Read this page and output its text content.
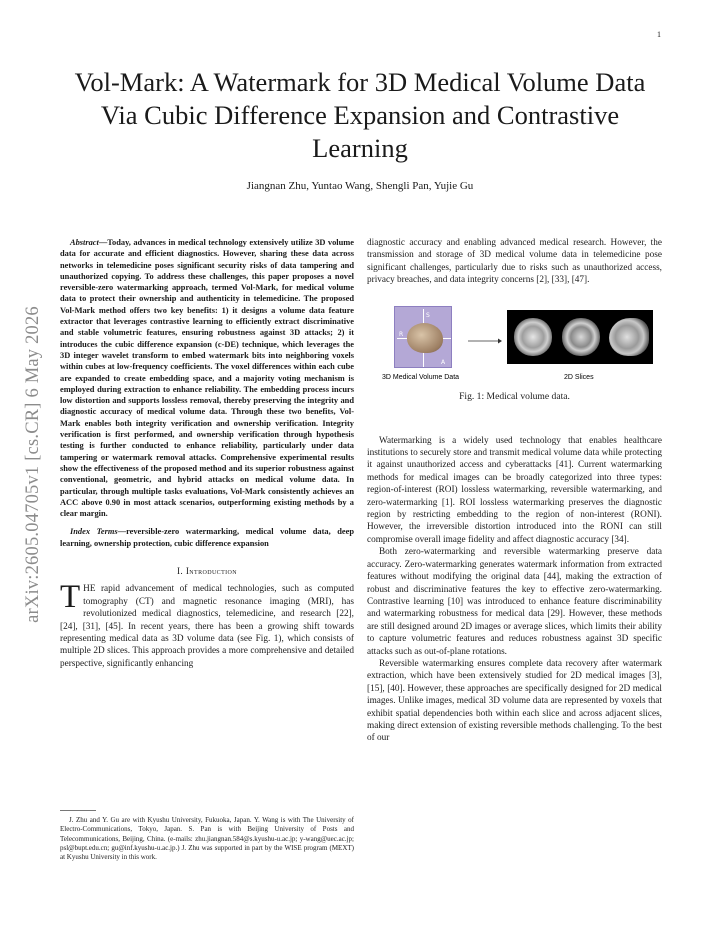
1
arXiv:2605.04705v1 [cs.CR] 6 May 2026
Vol-Mark: A Watermark for 3D Medical Volume Data Via Cubic Difference Expansion and Contrastive Learning
Jiangnan Zhu, Yuntao Wang, Shengli Pan, Yujie Gu

Abstract—Today, advances in medical technology extensively utilize 3D volume data for accurate and efficient diagnostics. However, sharing these data across networks in telemedicine poses significant security risks of data tampering and unauthorized copying. To address these challenges, this paper proposes a novel reversible-zero watermarking approach, termed Vol-Mark, for medical volume data to protect their ownership and authenticity in telemedicine. The proposed Vol-Mark method offers two key benefits: 1) it designs a volume data feature extractor that leverages contrastive learning to efficiently extract discriminative and stable volumetric features, ensuring robustness against 3D attacks; 2) it introduces the cubic difference expansion (c-DE) technique, which leverages the 3D integer wavelet transform to embed watermark bits into neighboring voxels within cubes at low-frequency coefficients. The voxel differences within each cube are expanded to create embedding space, and a majority voting mechanism is employed during extraction to enhance reliability. The embedding process incurs low distortion and supports lossless removal, thereby preserving the integrity and diagnostic accuracy of medical volume data. Through these two benefits, Vol-Mark enables both integrity verification and ownership verification. Integrity verification is first performed, and ownership verification through hypothesis testing is further conducted to enhance reliability, particularly under data tampering or watermark removal attacks. Comprehensive experimental results show the effectiveness of the proposed method and its superior robustness against conventional, geometric, and hybrid attacks on medical volume data. In particular, through multiple tasks evaluations, Vol-Mark consistently achieves an ACC above 0.90 in most attack scenarios, outperforming existing methods by a clear margin.

Index Terms—reversible-zero watermarking, medical volume data, deep learning, ownership protection, cubic difference expansion

I. Introduction

THE rapid advancement of medical technologies, such as computed tomography (CT) and magnetic resonance imaging (MRI), has revolutionized medical diagnostics, telemedicine, and research [22], [24], [31], [45]. In recent years, there has been a growing shift towards representing medical data as 3D volume data (see Fig. 1), which consists of multiple 2D slices. This approach provides a more comprehensive and detailed perspective, significantly enhancing

J. Zhu and Y. Gu are with Kyushu University, Fukuoka, Japan. Y. Wang is with The University of Electro-Communications, Tokyo, Japan. S. Pan is with Beijing University of Posts and Telecommunications, Beijing, China. (e-mails: zhu.jiangnan.584@s.kyushu-u.ac.jp; y-wang@uec.ac.jp; psl@bupt.edu.cn; gu@inf.kyushu-u.ac.jp.) J. Zhu was supported in part by the WISE program (MEXT) at Kyushu University in this work.

diagnostic accuracy and enabling advanced medical research. However, the transmission and storage of 3D medical volume data in telemedicine pose significant challenges, particularly due to risks such as unauthorized access, privacy breaches, and data integrity concerns [2], [33], [47].

S
R
A
3D Medical Volume Data	2D Slices
Fig. 1: Medical volume data.

Watermarking is a widely used technology that enables healthcare institutions to securely store and transmit medical volume data while protecting it against unauthorized access and cyberattacks [41]. Current watermarking methods for medical images can be broadly categorized into three types: region-of-interest (ROI) lossless watermarking, reversible watermarking, and zero-watermarking [1]. ROI lossless watermarking preserves the diagnostic region by restricting embedding to the region of non-interest (RONI). However, the irreversible distortion introduced into the RONI can still compromise overall image fidelity and affect diagnostic accuracy [34].

Both zero-watermarking and reversible watermarking preserve data accuracy. Zero-watermarking generates watermark information from extracted features without modifying the original data [44], making the extraction of robust and discriminative features the key to effective zero-watermarking. Contrastive learning [10] was introduced to enhance feature discriminability and watermarking robustness for medical data [29]. However, these methods are still designed around 2D images or average slices, which limits their ability to capture volumetric features and reduces robustness against 3D specific attacks such as out-of-plane rotations.

Reversible watermarking ensures complete data recovery after watermark extraction, which have been extensively studied for 2D medical images [3], [15], [40]. However, these approaches are specifically designed for 2D medical images. Unlike images, medical 3D volume data are represented by voxels that exhibit spatial dependencies both within each slice and across adjacent slices, making direct extension of existing reversible methods challenging. To the best of our
